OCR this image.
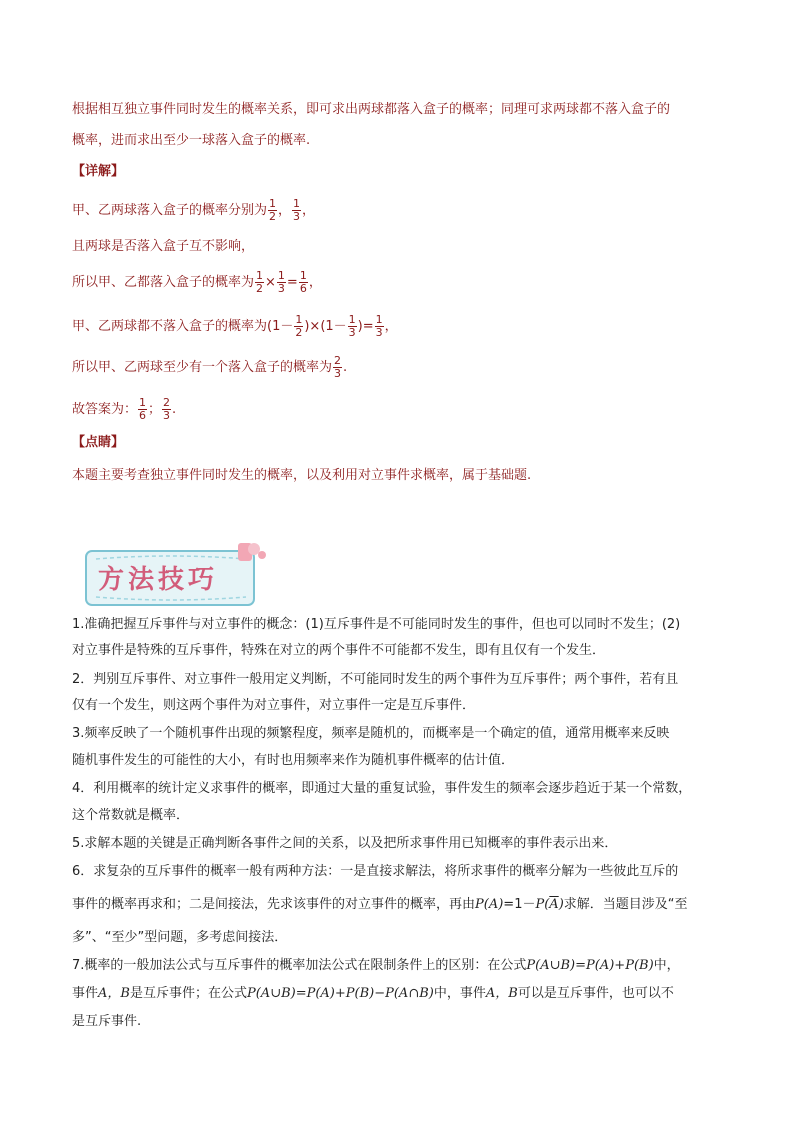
根据相互独立事件同时发生的概率关系，即可求出两球都落入盒子的概率；同理可求两球都不落入盒子的
概率，进而求出至少一球落入盒子的概率.
【详解】
甲、乙两球落入盒子的概率分别为 $\frac{1}{2}$ ， $\frac{1}{3}$ ，
且两球是否落入盒子互不影响，
所以甲、乙都落入盒子的概率为 $\frac{1}{2} \times \frac{1}{3} = \frac{1}{6}$ ，
甲、乙两球都不落入盒子的概率为$(1- \frac{1}{2} )\times(1- \frac{1}{3}$ )= $\frac{1}{3}$ ，
所以甲、乙两球至少有一个落入盒子的概率为 $\frac{2}{3}$ .
故答案为： $\frac{1}{6}$ ； $\frac{2}{3}$ .
【点睛】
本题主要考查独立事件同时发生的概率，以及利用对立事件求概率，属于基础题.
方法技巧
1.准确把握互斥事件与对立事件的概念：(1)互斥事件是不可能同时发生的事件，但也可以同时不发生；(2)
对立事件是特殊的互斥事件，特殊在对立的两个事件不可能都不发生，即有且仅有一个发生．
2．判别互斥事件、对立事件一般用定义判断，不可能同时发生的两个事件为互斥事件；两个事件，若有且
仅有一个发生，则这两个事件为对立事件，对立事件一定是互斥事件．
3.频率反映了一个随机事件出现的频繁程度，频率是随机的，而概率是一个确定的值，通常用概率来反映
随机事件发生的可能性的大小，有时也用频率来作为随机事件概率的估计值．
4．利用概率的统计定义求事件的概率，即通过大量的重复试验，事件发生的频率会逐步趋近于某一个常数，
这个常数就是概率．
5.求解本题的关键是正确判断各事件之间的关系，以及把所求事件用已知概率的事件表示出来．
6．求复杂的互斥事件的概率一般有两种方法：一是直接求解法，将所求事件的概率分解为一些彼此互斥的
事件的概率再求和；二是间接法，先求该事件的对立事件的概率，再由$P(A)=1-P(\overline{A})$求解．当题目涉及“至
多”、“至少”型问题，多考虑间接法．
7.概率的一般加法公式与互斥事件的概率加法公式在限制条件上的区别：在公式P(A∪B)=P(A)+P(B)中，
事件A，B是互斥事件；在公式P(A∪B)=P(A)+P(B)−P(A∩B)中，事件A，B可以是互斥事件，也可以不
是互斥事件.
